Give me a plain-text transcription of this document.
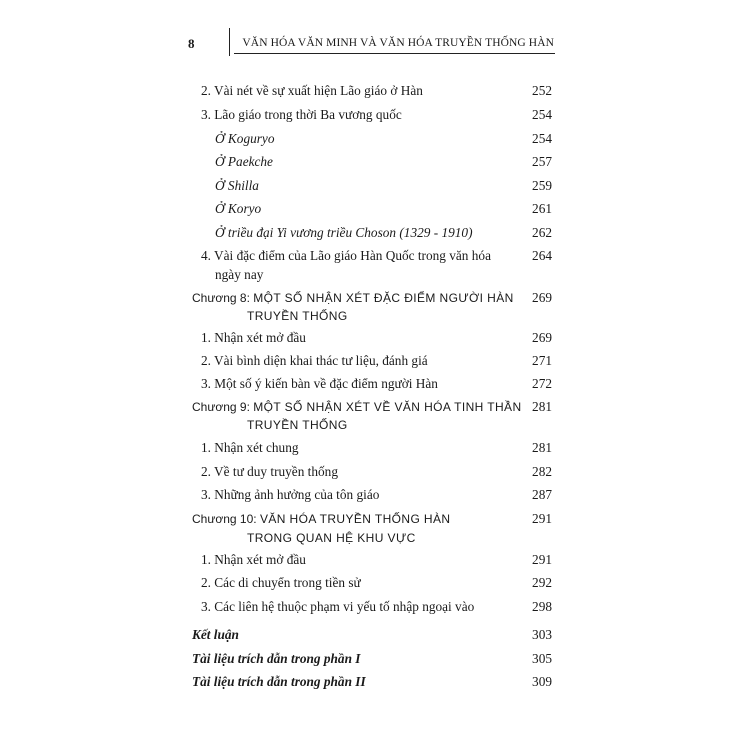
8	VĂN HÓA VĂN MINH VÀ VĂN HÓA TRUYỀN THỐNG HÀN
2. Vài nét về sự xuất hiện Lão giáo ở Hàn	252
3. Lão giáo trong thời Ba vương quốc	254
Ở Koguryo	254
Ở Paekche	257
Ở Shilla	259
Ở Koryo	261
Ở triều đại Yi vương triều Choson (1329 - 1910)	262
4. Vài đặc điểm của Lão giáo Hàn Quốc trong văn hóa	264
ngày nay
Chương 8: MỘT SỐ NHẬN XÉT ĐẶC ĐIỂM NGƯỜI HÀN 269
TRUYỀN THỐNG
1. Nhận xét mở đầu	269
2. Vài bình diện khai thác tư liệu, đánh giá	271
3. Một số ý kiến bàn về đặc điểm người Hàn	272
Chương 9: MỘT SỐ NHẬN XÉT VỀ VĂN HÓA TINH THẦN 281
TRUYỀN THỐNG
1. Nhận xét chung	281
2. Về tư duy truyền thống	282
3. Những ảnh hưởng của tôn giáo	287
Chương 10: VĂN HÓA TRUYỀN THỐNG HÀN	291
TRONG QUAN HỆ KHU VỰC
1. Nhận xét mở đầu	291
2. Các di chuyển trong tiền sử	292
3. Các liên hệ thuộc phạm vi yếu tố nhập ngoại vào	298
Kết luận	303
Tài liệu trích dẫn trong phần I	305
Tài liệu trích dẫn trong phần II	309
